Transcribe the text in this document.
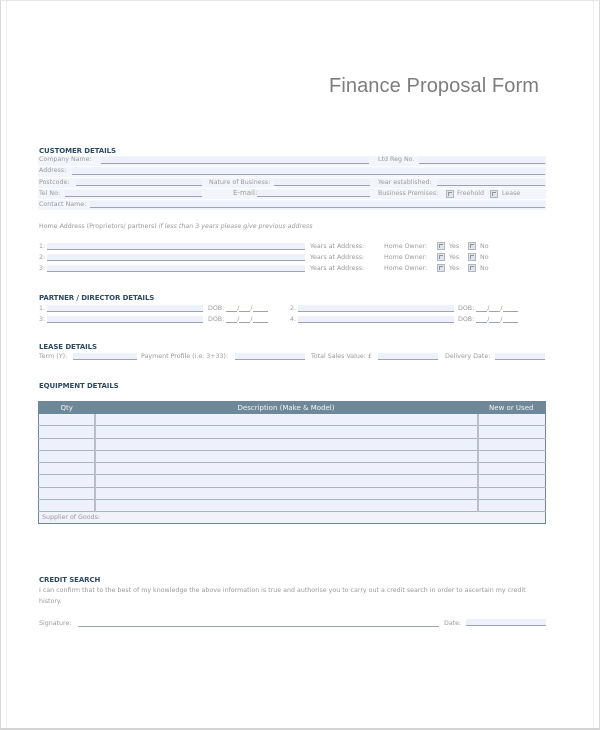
Finance Proposal Form
CUSTOMER DETAILS
Company Name:	Ltd Reg No.
Address:
Postcode:	Nature of Business:	Year established:
Tel No:	E-mail:	Business Premises:	Freehold	Lease
Contact Name:
Home Address (Proprietors/ partners) if less than 3 years please give previous address
1:	Years at Address:	Home Owner:	Yes	No
2:	Years at Address:	Home Owner:	Yes	No
3:	Years at Address:	Home Owner:	Yes	No
PARTNER / DIRECTOR DETAILS
1.	DOB: / /	2.	DOB: / /
3.	DOB: / /	4.	DOB: / /
LEASE DETAILS
Term (Y):	Payment Profile (i.e. 3+33):	Total Sales Value: £	Delivery Date:
EQUIPMENT DETAILS
Qty	Description (Make & Model)	New or Used

Supplier of Goods:		
CREDIT SEARCH
I can confirm that to the best of my knowledge the above information is true and authorise you to carry out a credit search in order to ascertain my credit history.
Signature:	Date:
